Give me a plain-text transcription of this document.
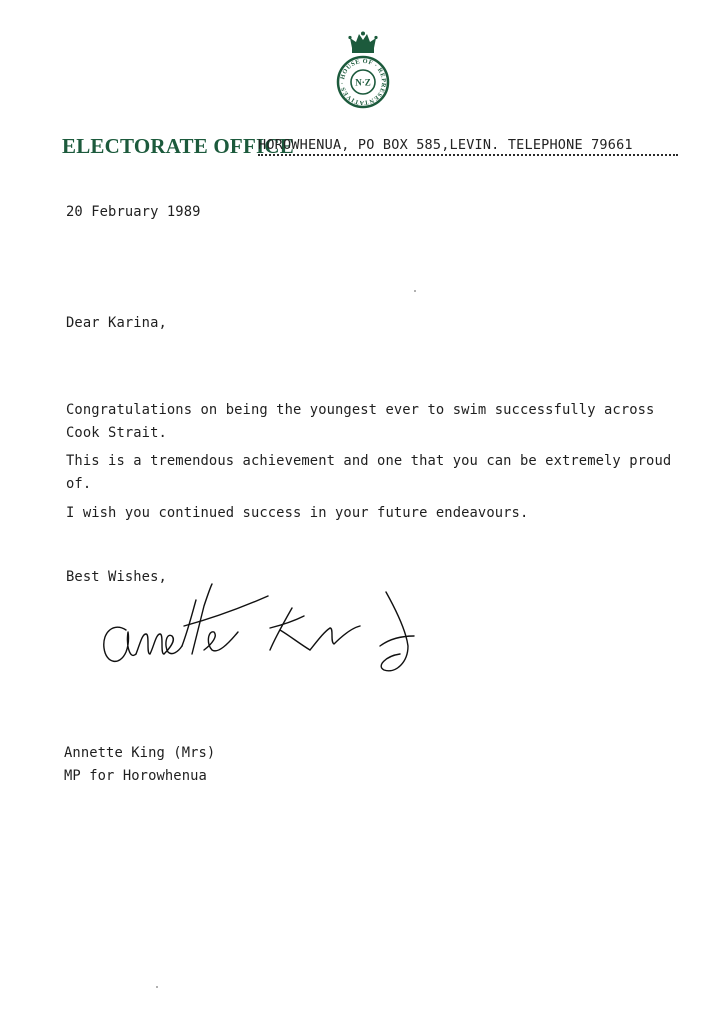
HOUSE OF · REPRESENTATIVES ·	N·Z
ELECTORATE OFFICE
HOROWHENUA, PO BOX 585,LEVIN. TELEPHONE 79661
20 February 1989
Dear Karina,
Congratulations on being the youngest ever to swim successfully across
Cook Strait.
This is a tremendous achievement and one that you can be extremely proud
of.
I wish you continued success in your future endeavours.
Best Wishes,
Annette King (Mrs)
MP for Horowhenua
